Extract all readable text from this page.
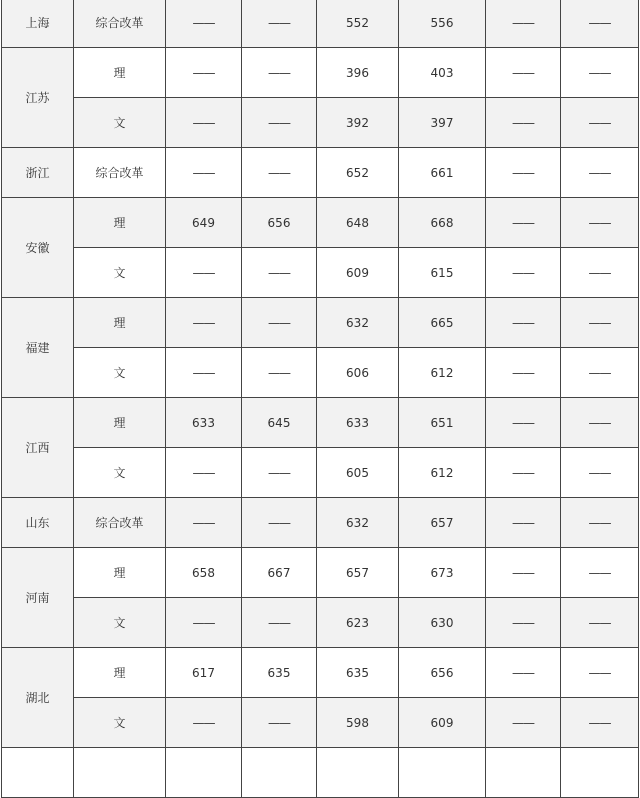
上海	综合改革	——	——	552	556	——	——
江苏	理	——	——	396	403	——	——
	文	——	——	392	397	——	——
浙江	综合改革	——	——	652	661	——	——
安徽	理	649	656	648	668	——	——
	文	——	——	609	615	——	——
福建	理	——	——	632	665	——	——
	文	——	——	606	612	——	——
江西	理	633	645	633	651	——	——
	文	——	——	605	612	——	——
山东	综合改革	——	——	632	657	——	——
河南	理	658	667	657	673	——	——
	文	——	——	623	630	——	——
湖北	理	617	635	635	656	——	——
	文	——	——	598	609	——	——
